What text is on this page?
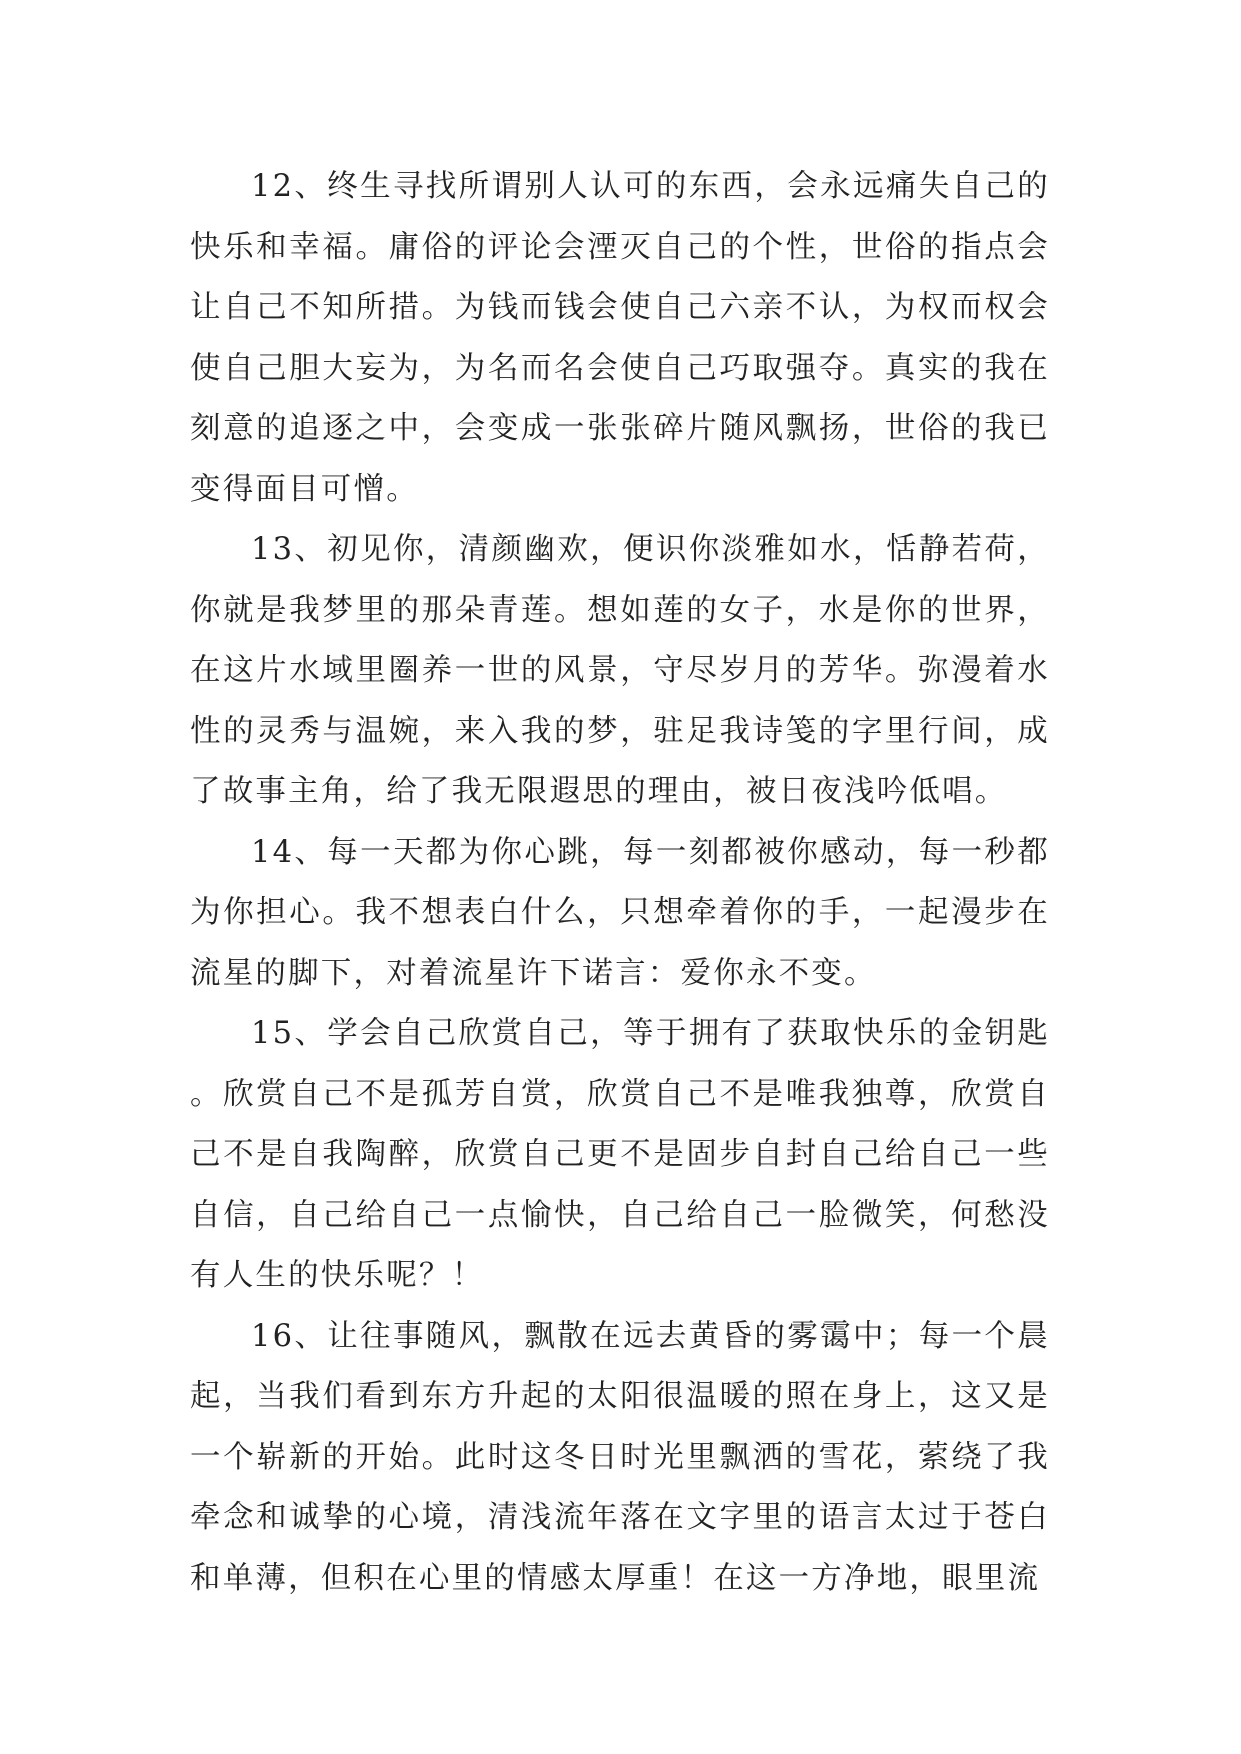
12、终生寻找所谓别人认可的东西，会永远痛失自己的快乐和幸福。庸俗的评论会湮灭自己的个性，世俗的指点会让自己不知所措。为钱而钱会使自己六亲不认，为权而权会使自己胆大妄为，为名而名会使自己巧取强夺。真实的我在刻意的追逐之中，会变成一张张碎片随风飘扬，世俗的我已变得面目可憎。

13、初见你，清颜幽欢，便识你淡雅如水，恬静若荷，你就是我梦里的那朵青莲。想如莲的女子，水是你的世界，在这片水域里圈养一世的风景，守尽岁月的芳华。弥漫着水性的灵秀与温婉，来入我的梦，驻足我诗笺的字里行间，成了故事主角，给了我无限遐思的理由，被日夜浅吟低唱。

14、每一天都为你心跳，每一刻都被你感动，每一秒都为你担心。我不想表白什么，只想牵着你的手，一起漫步在流星的脚下，对着流星许下诺言：爱你永不变。

15、学会自己欣赏自己，等于拥有了获取快乐的金钥匙。欣赏自己不是孤芳自赏，欣赏自己不是唯我独尊，欣赏自己不是自我陶醉，欣赏自己更不是固步自封自己给自己一些自信，自己给自己一点愉快，自己给自己一脸微笑，何愁没有人生的快乐呢？！

16、让往事随风，飘散在远去黄昏的雾霭中；每一个晨起，当我们看到东方升起的太阳很温暖的照在身上，这又是一个崭新的开始。此时这冬日时光里飘洒的雪花，萦绕了我牵念和诚挚的心境，清浅流年落在文字里的语言太过于苍白和单薄，但积在心里的情感太厚重！在这一方净地，眼里流
